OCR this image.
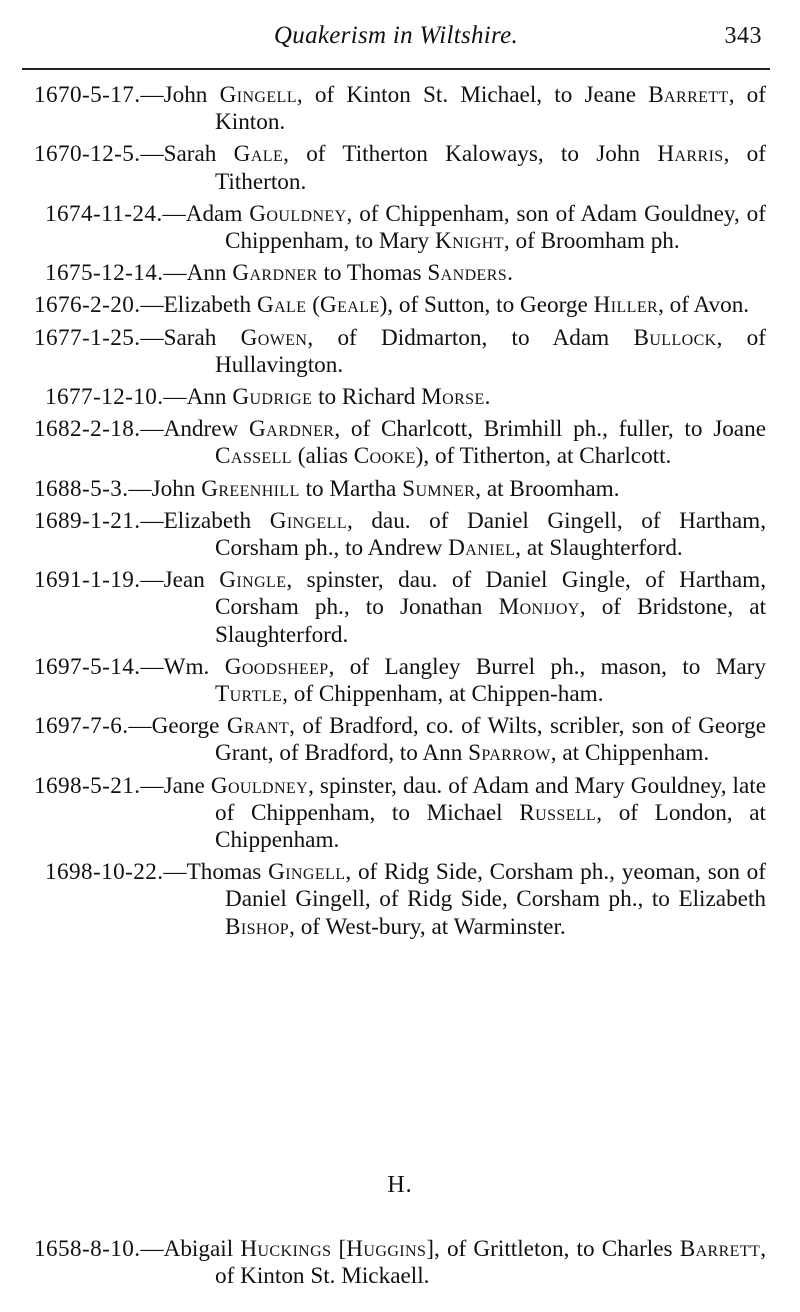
Quakerism in Wiltshire.	343
1670-5-17.—John Gingell, of Kinton St. Michael, to Jeane Barrett, of Kinton.
1670-12-5.—Sarah Gale, of Titherton Kaloways, to John Harris, of Titherton.
1674-11-24.—Adam Gouldney, of Chippenham, son of Adam Gouldney, of Chippenham, to Mary Knight, of Broomham ph.
1675-12-14.—Ann Gardner to Thomas Sanders.
1676-2-20.—Elizabeth Gale (Geale), of Sutton, to George Hiller, of Avon.
1677-1-25.—Sarah Gowen, of Didmarton, to Adam Bullock, of Hullavington.
1677-12-10.—Ann Gudrige to Richard Morse.
1682-2-18.—Andrew Gardner, of Charlcott, Brimhill ph., fuller, to Joane Cassell (alias Cooke), of Titherton, at Charlcott.
1688-5-3.—John Greenhill to Martha Sumner, at Broomham.
1689-1-21.—Elizabeth Gingell, dau. of Daniel Gingell, of Hartham, Corsham ph., to Andrew Daniel, at Slaughterford.
1691-1-19.—Jean Gingle, spinster, dau. of Daniel Gingle, of Hartham, Corsham ph., to Jonathan Monijoy, of Bridstone, at Slaughterford.
1697-5-14.—Wm. Goodsheep, of Langley Burrel ph., mason, to Mary Turtle, of Chippenham, at Chippen-ham.
1697-7-6.—George Grant, of Bradford, co. of Wilts, scribler, son of George Grant, of Bradford, to Ann Sparrow, at Chippenham.
1698-5-21.—Jane Gouldney, spinster, dau. of Adam and Mary Gouldney, late of Chippenham, to Michael Russell, of London, at Chippenham.
1698-10-22.—Thomas Gingell, of Ridg Side, Corsham ph., yeoman, son of Daniel Gingell, of Ridg Side, Corsham ph., to Elizabeth Bishop, of West-bury, at Warminster.
H.
1658-8-10.—Abigail Huckings [Huggins], of Grittleton, to Charles Barrett, of Kinton St. Mickaell.
